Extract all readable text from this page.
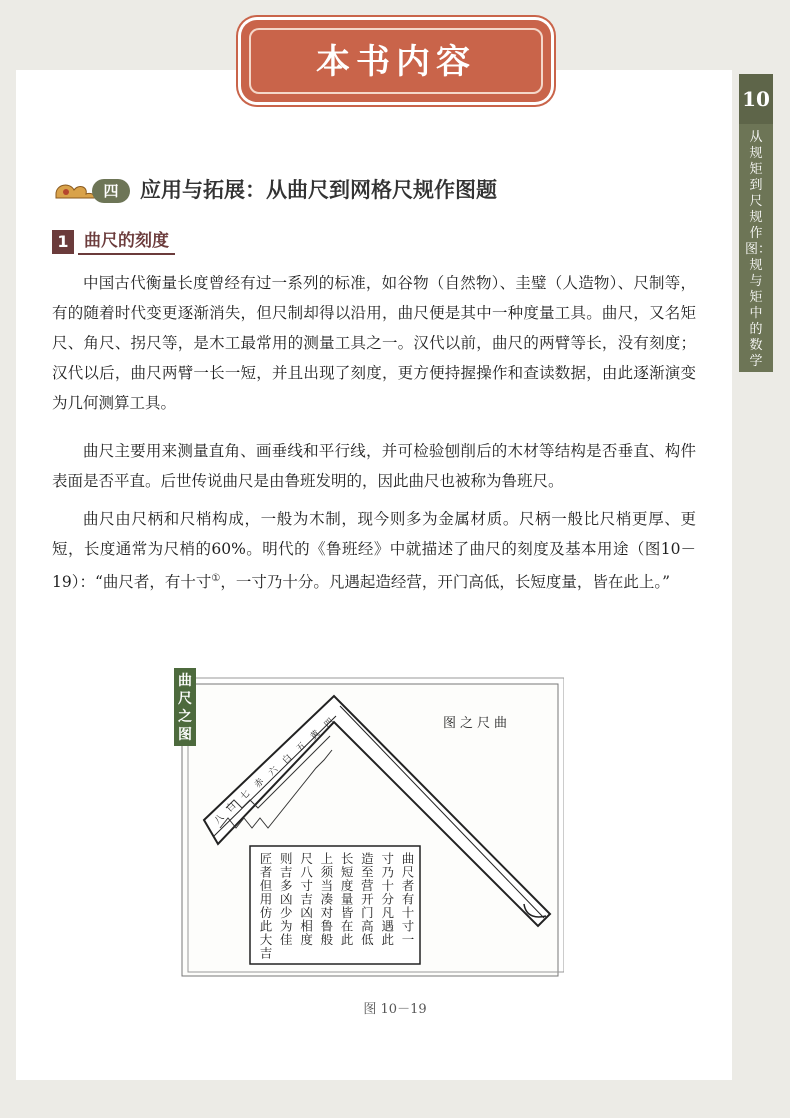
本书内容
10
从规矩到尺规作图：规与矩中的数学
四	应用与拓展：从曲尺到网格尺规作图题
1 曲尺的刻度

中国古代衡量长度曾经有过一系列的标准，如谷物（自然物）、圭璧（人造物）、尺制等，有的随着时代变更逐渐消失，但尺制却得以沿用，曲尺便是其中一种度量工具。曲尺，又名矩尺、角尺、拐尺等，是木工最常用的测量工具之一。汉代以前，曲尺的两臂等长，没有刻度；汉代以后，曲尺两臂一长一短，并且出现了刻度，更方便持握操作和查读数据，由此逐渐演变为几何测算工具。

曲尺主要用来测量直角、画垂线和平行线，并可检验刨削后的木材等结构是否垂直、构件表面是否平直。后世传说曲尺是由鲁班发明的，因此曲尺也被称为鲁班尺。

曲尺由尺柄和尺梢构成，一般为木制，现今则多为金属材质。尺柄一般比尺梢更厚、更短，长度通常为尺梢的60%。明代的《鲁班经》中就描述了曲尺的刻度及基本用途（图10－19）：“曲尺者，有十寸①，一寸乃十分。凡遇起造经营，开门高低，长短度量，皆在此上。”

曲尺之图
图之尺曲
八
白
七
赤
六
白
五
黄
四
曲尺者有十寸一
寸乃十分凡遇此
造至营开门高低
长短度量皆在此
上须当凑对鲁般
尺八寸吉凶相度
则吉多凶少为佳
匠者但用仿此大吉
图 10－19
